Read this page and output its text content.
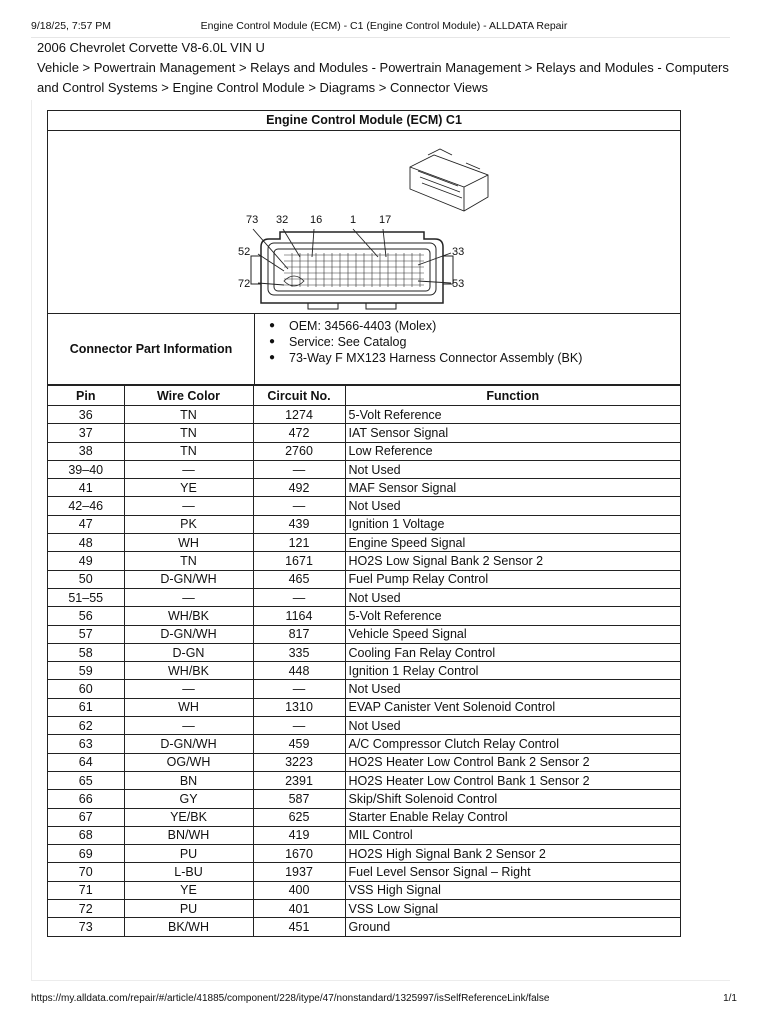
9/18/25, 7:57 PM	Engine Control Module (ECM) - C1 (Engine Control Module) - ALLDATA Repair
2006 Chevrolet Corvette V8-6.0L VIN U
Vehicle > Powertrain Management > Relays and Modules - Powertrain Management > Relays and Modules - Computers and Control Systems > Engine Control Module > Diagrams > Connector Views
Engine Control Module (ECM) C1
73 32 16	1 17
52
72
33
53
Connector Part Information
●	OEM: 34566-4403 (Molex)
●	Service: See Catalog
●	73-Way F MX123 Harness Connector Assembly (BK)
Pin	Wire Color	Circuit No.	Function
36	TN	1274	5-Volt Reference
37	TN	472	IAT Sensor Signal
38	TN	2760	Low Reference
39–40	—	—	Not Used
41	YE	492	MAF Sensor Signal
42–46	—	—	Not Used
47	PK	439	Ignition 1 Voltage
48	WH	121	Engine Speed Signal
49	TN	1671	HO2S Low Signal Bank 2 Sensor 2
50	D-GN/WH	465	Fuel Pump Relay Control
51–55	—	—	Not Used
56	WH/BK	1164	5-Volt Reference
57	D-GN/WH	817	Vehicle Speed Signal
58	D-GN	335	Cooling Fan Relay Control
59	WH/BK	448	Ignition 1 Relay Control
60	—	—	Not Used
61	WH	1310	EVAP Canister Vent Solenoid Control
62	—	—	Not Used
63	D-GN/WH	459	A/C Compressor Clutch Relay Control
64	OG/WH	3223	HO2S Heater Low Control Bank 2 Sensor 2
65	BN	2391	HO2S Heater Low Control Bank 1 Sensor 2
66	GY	587	Skip/Shift Solenoid Control
67	YE/BK	625	Starter Enable Relay Control
68	BN/WH	419	MIL Control
69	PU	1670	HO2S High Signal Bank 2 Sensor 2
70	L-BU	1937	Fuel Level Sensor Signal – Right
71	YE	400	VSS High Signal
72	PU	401	VSS Low Signal
73	BK/WH	451	Ground
https://my.alldata.com/repair/#/article/41885/component/228/itype/47/nonstandard/1325997/isSelfReferenceLink/false	1/1
